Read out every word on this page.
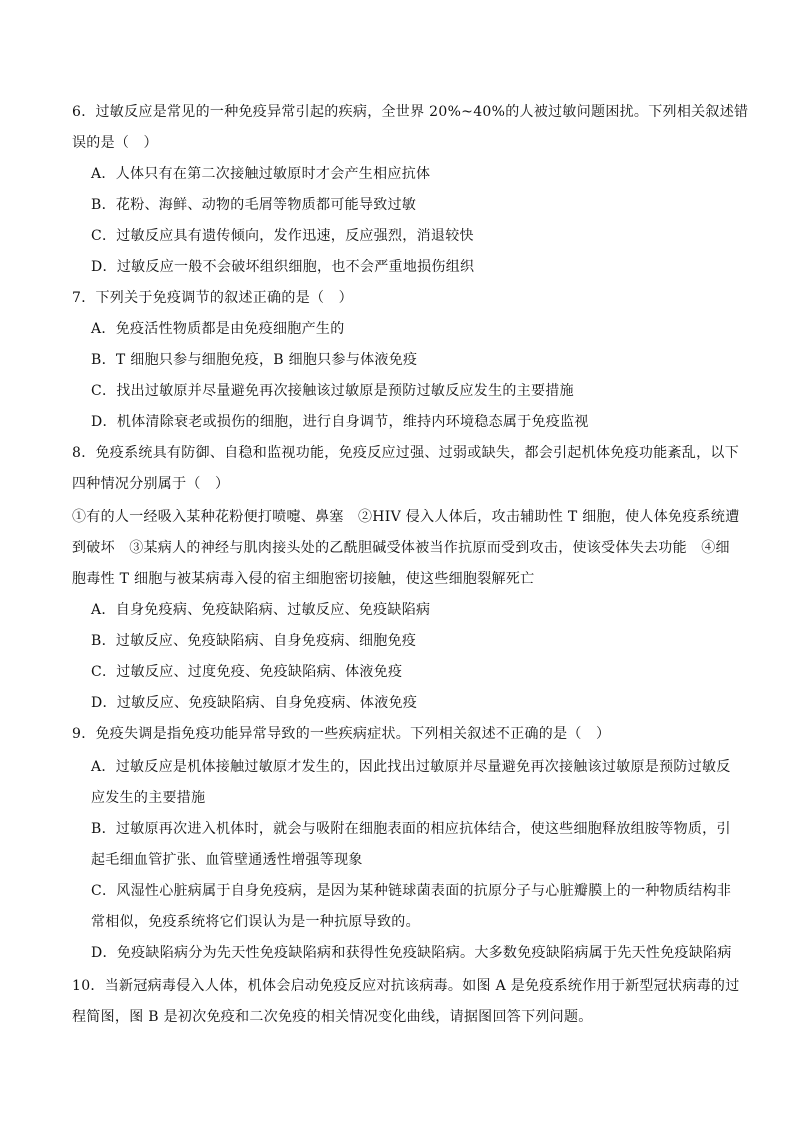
6．过敏反应是常见的一种免疫异常引起的疾病，全世界 20%~40%的人被过敏问题困扰。下列相关叙述错
误的是（　）
A．人体只有在第二次接触过敏原时才会产生相应抗体
B．花粉、海鲜、动物的毛屑等物质都可能导致过敏
C．过敏反应具有遗传倾向，发作迅速，反应强烈，消退较快
D．过敏反应一般不会破坏组织细胞，也不会严重地损伤组织
7．下列关于免疫调节的叙述正确的是（　）
A．免疫活性物质都是由免疫细胞产生的
B．T 细胞只参与细胞免疫，B 细胞只参与体液免疫
C．找出过敏原并尽量避免再次接触该过敏原是预防过敏反应发生的主要措施
D．机体清除衰老或损伤的细胞，进行自身调节，维持内环境稳态属于免疫监视
8．免疫系统具有防御、自稳和监视功能，免疫反应过强、过弱或缺失，都会引起机体免疫功能紊乱，以下
四种情况分别属于（　）
①有的人一经吸入某种花粉便打喷嚏、鼻塞　②HIV 侵入人体后，攻击辅助性 T 细胞，使人体免疫系统遭
到破坏　③某病人的神经与肌肉接头处的乙酰胆碱受体被当作抗原而受到攻击，使该受体失去功能　④细
胞毒性 T 细胞与被某病毒入侵的宿主细胞密切接触，使这些细胞裂解死亡
A．自身免疫病、免疫缺陷病、过敏反应、免疫缺陷病
B．过敏反应、免疫缺陷病、自身免疫病、细胞免疫
C．过敏反应、过度免疫、免疫缺陷病、体液免疫
D．过敏反应、免疫缺陷病、自身免疫病、体液免疫
9．免疫失调是指免疫功能异常导致的一些疾病症状。下列相关叙述不正确的是（　）
A．过敏反应是机体接触过敏原才发生的，因此找出过敏原并尽量避免再次接触该过敏原是预防过敏反
应发生的主要措施
B．过敏原再次进入机体时，就会与吸附在细胞表面的相应抗体结合，使这些细胞释放组胺等物质，引
起毛细血管扩张、血管壁通透性增强等现象
C．风湿性心脏病属于自身免疫病，是因为某种链球菌表面的抗原分子与心脏瓣膜上的一种物质结构非
常相似，免疫系统将它们误认为是一种抗原导致的。
D．免疫缺陷病分为先天性免疫缺陷病和获得性免疫缺陷病。大多数免疫缺陷病属于先天性免疫缺陷病
10．当新冠病毒侵入人体，机体会启动免疫反应对抗该病毒。如图 A 是免疫系统作用于新型冠状病毒的过
程简图，图 B 是初次免疫和二次免疫的相关情况变化曲线，请据图回答下列问题。
